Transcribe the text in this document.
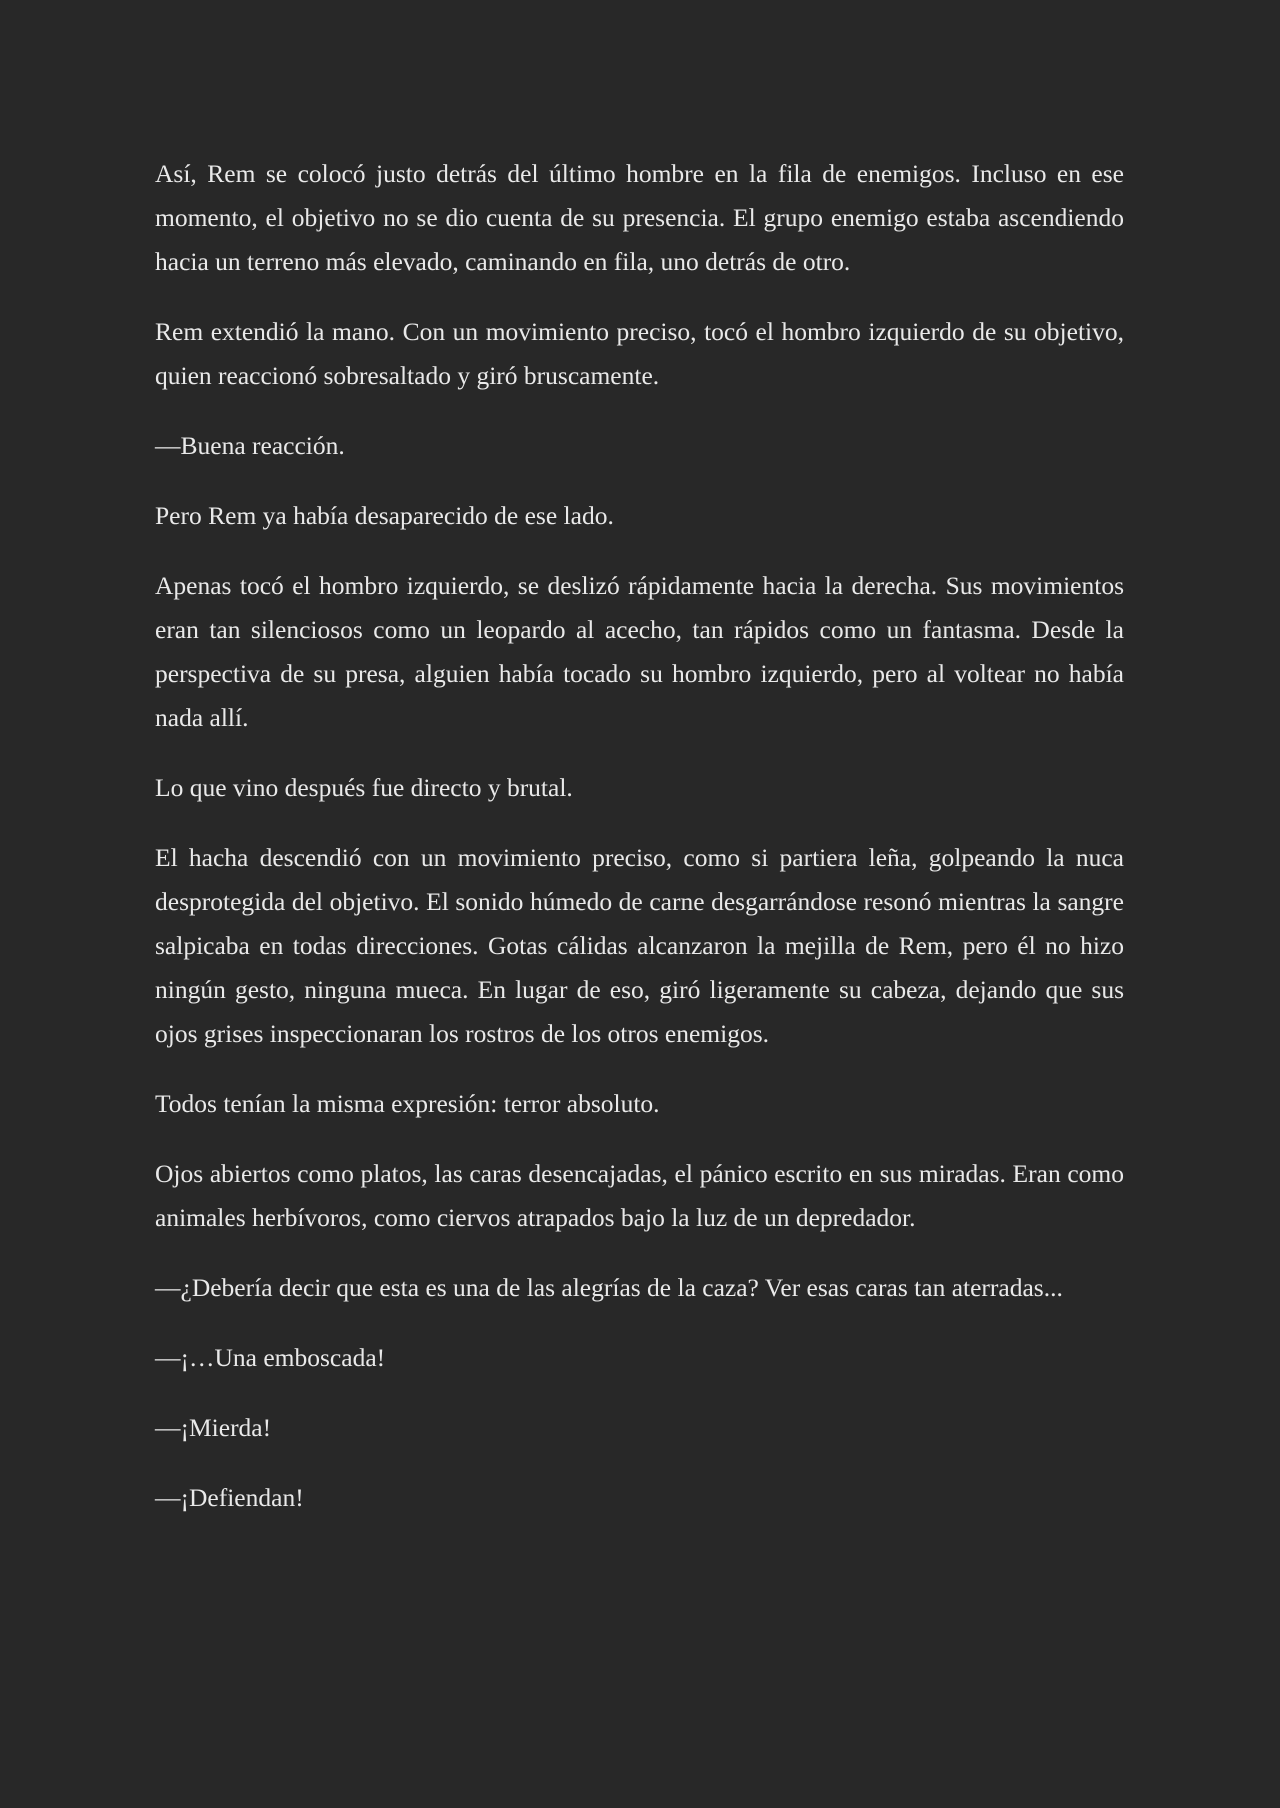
Así, Rem se colocó justo detrás del último hombre en la fila de enemigos. Incluso en ese momento, el objetivo no se dio cuenta de su presencia. El grupo enemigo estaba ascendiendo hacia un terreno más elevado, caminando en fila, uno detrás de otro.

Rem extendió la mano. Con un movimiento preciso, tocó el hombro izquierdo de su objetivo, quien reaccionó sobresaltado y giró bruscamente.

—Buena reacción.

Pero Rem ya había desaparecido de ese lado.

Apenas tocó el hombro izquierdo, se deslizó rápidamente hacia la derecha. Sus movimientos eran tan silenciosos como un leopardo al acecho, tan rápidos como un fantasma. Desde la perspectiva de su presa, alguien había tocado su hombro izquierdo, pero al voltear no había nada allí.

Lo que vino después fue directo y brutal.

El hacha descendió con un movimiento preciso, como si partiera leña, golpeando la nuca desprotegida del objetivo. El sonido húmedo de carne desgarrándose resonó mientras la sangre salpicaba en todas direcciones. Gotas cálidas alcanzaron la mejilla de Rem, pero él no hizo ningún gesto, ninguna mueca. En lugar de eso, giró ligeramente su cabeza, dejando que sus ojos grises inspeccionaran los rostros de los otros enemigos.

Todos tenían la misma expresión: terror absoluto.

Ojos abiertos como platos, las caras desencajadas, el pánico escrito en sus miradas. Eran como animales herbívoros, como ciervos atrapados bajo la luz de un depredador.

—¿Debería decir que esta es una de las alegrías de la caza? Ver esas caras tan aterradas...

—¡…Una emboscada!

—¡Mierda!

—¡Defiendan!
